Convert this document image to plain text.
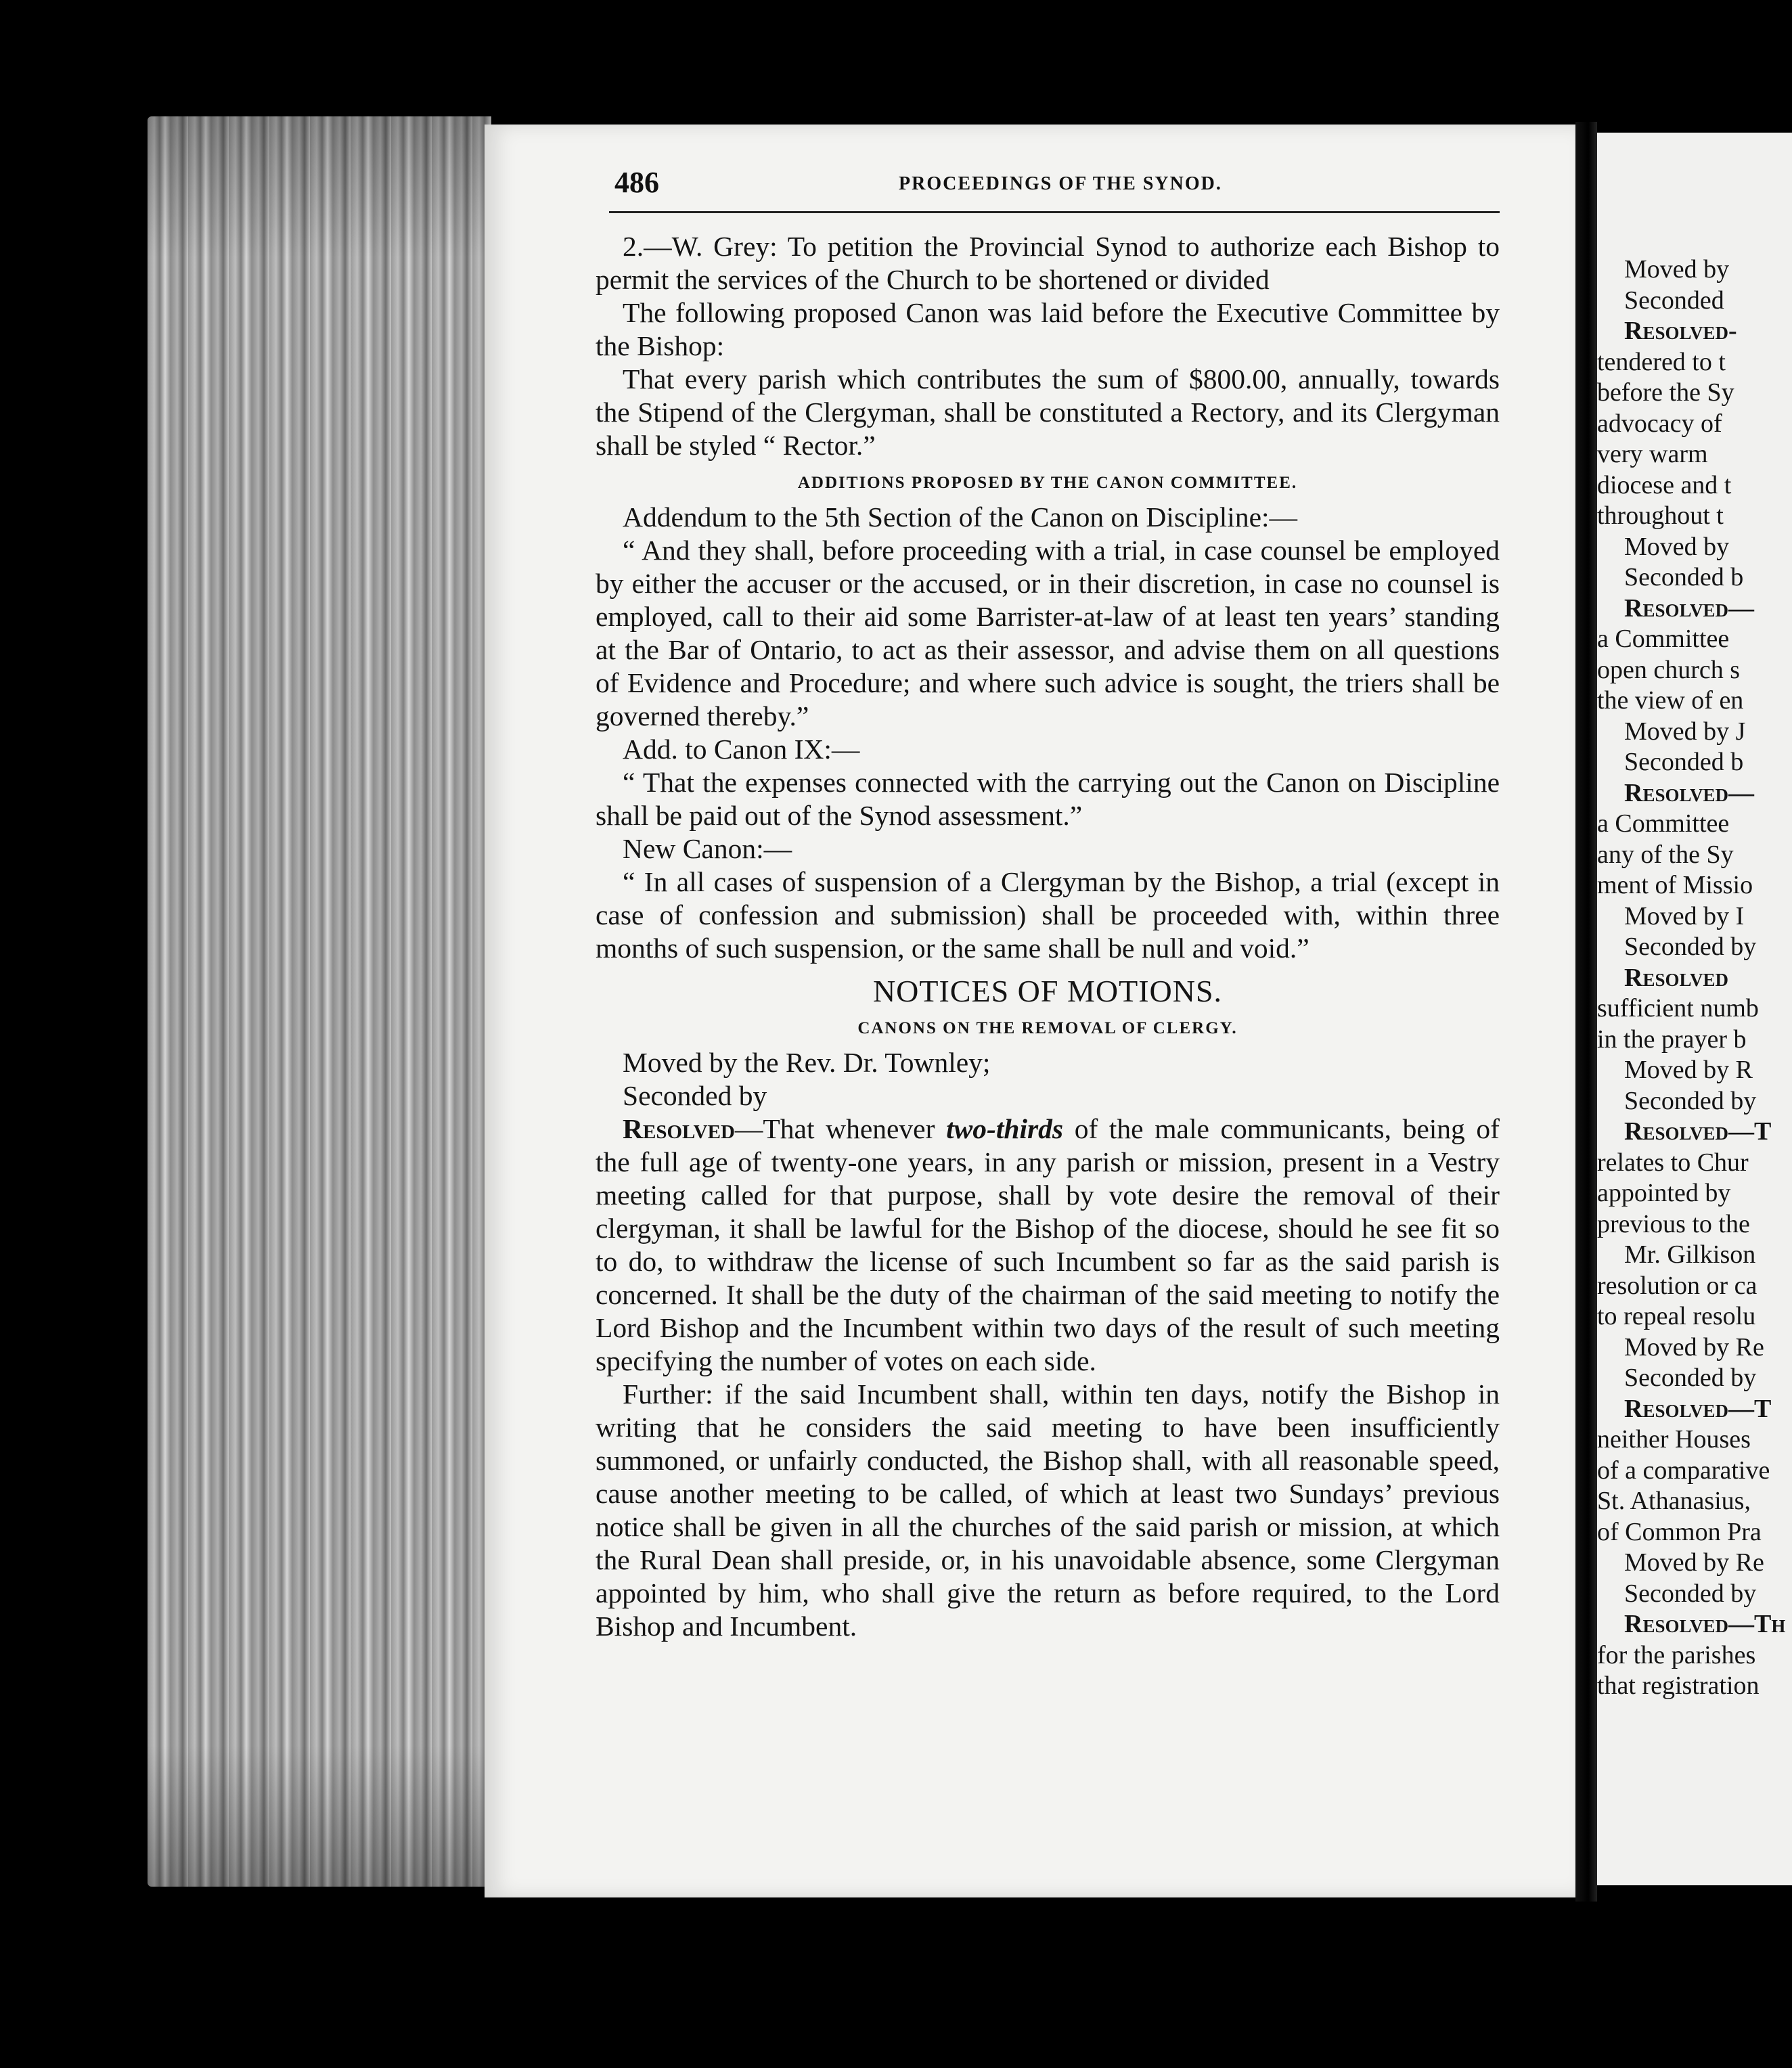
486	PROCEEDINGS OF THE SYNOD.

2.—W. Grey: To petition the Provincial Synod to authorize each Bishop to permit the services of the Church to be shortened or divided

The following proposed Canon was laid before the Executive Committee by the Bishop:

That every parish which contributes the sum of $800.00, annually, towards the Stipend of the Clergyman, shall be constituted a Rectory, and its Clergyman shall be styled “ Rector.”

ADDITIONS PROPOSED BY THE CANON COMMITTEE.

Addendum to the 5th Section of the Canon on Discipline:—

“ And they shall, before proceeding with a trial, in case counsel be employed by either the accuser or the accused, or in their discretion, in case no counsel is employed, call to their aid some Barrister-at-law of at least ten years’ standing at the Bar of Ontario, to act as their assessor, and advise them on all questions of Evidence and Procedure; and where such advice is sought, the triers shall be governed thereby.”

Add. to Canon IX:—

“ That the expenses connected with the carrying out the Canon on Discipline shall be paid out of the Synod assessment.”

New Canon:—

“ In all cases of suspension of a Clergyman by the Bishop, a trial (except in case of confession and submission) shall be proceeded with, within three months of such suspension, or the same shall be null and void.”

NOTICES OF MOTIONS.

CANONS ON THE REMOVAL OF CLERGY.

Moved by the Rev. Dr. Townley;

Seconded by

Resolved—That whenever two-thirds of the male communicants, being of the full age of twenty-one years, in any parish or mission, present in a Vestry meeting called for that purpose, shall by vote desire the removal of their clergyman, it shall be lawful for the Bishop of the diocese, should he see fit so to do, to withdraw the license of such Incumbent so far as the said parish is concerned. It shall be the duty of the chairman of the said meeting to notify the Lord Bishop and the Incumbent within two days of the result of such meeting specifying the number of votes on each side.

Further: if the said Incumbent shall, within ten days, notify the Bishop in writing that he considers the said meeting to have been insufficiently summoned, or unfairly conducted, the Bishop shall, with all reasonable speed, cause another meeting to be called, of which at least two Sundays’ previous notice shall be given in all the churches of the said parish or mission, at which the Rural Dean shall preside, or, in his unavoidable absence, some Clergyman appointed by him, who shall give the return as before required, to the Lord Bishop and Incumbent.

Moved by
Seconded
Resolved-
tendered to t
before the Sy
advocacy of
very warm
diocese and t
throughout t
Moved by
Seconded b
Resolved—
a Committee
open church s
the view of en
Moved by J
Seconded b
Resolved—
a Committee
any of the Sy
ment of Missio
Moved by I
Seconded by
Resolved
sufficient numb
in the prayer b
Moved by R
Seconded by
Resolved—T
relates to Chur
appointed by
previous to the
Mr. Gilkison
resolution or ca
to repeal resolu
Moved by Re
Seconded by
Resolved—T
neither Houses
of a comparative
St. Athanasius,
of Common Pra
Moved by Re
Seconded by
Resolved—Th
for the parishes
that registration
